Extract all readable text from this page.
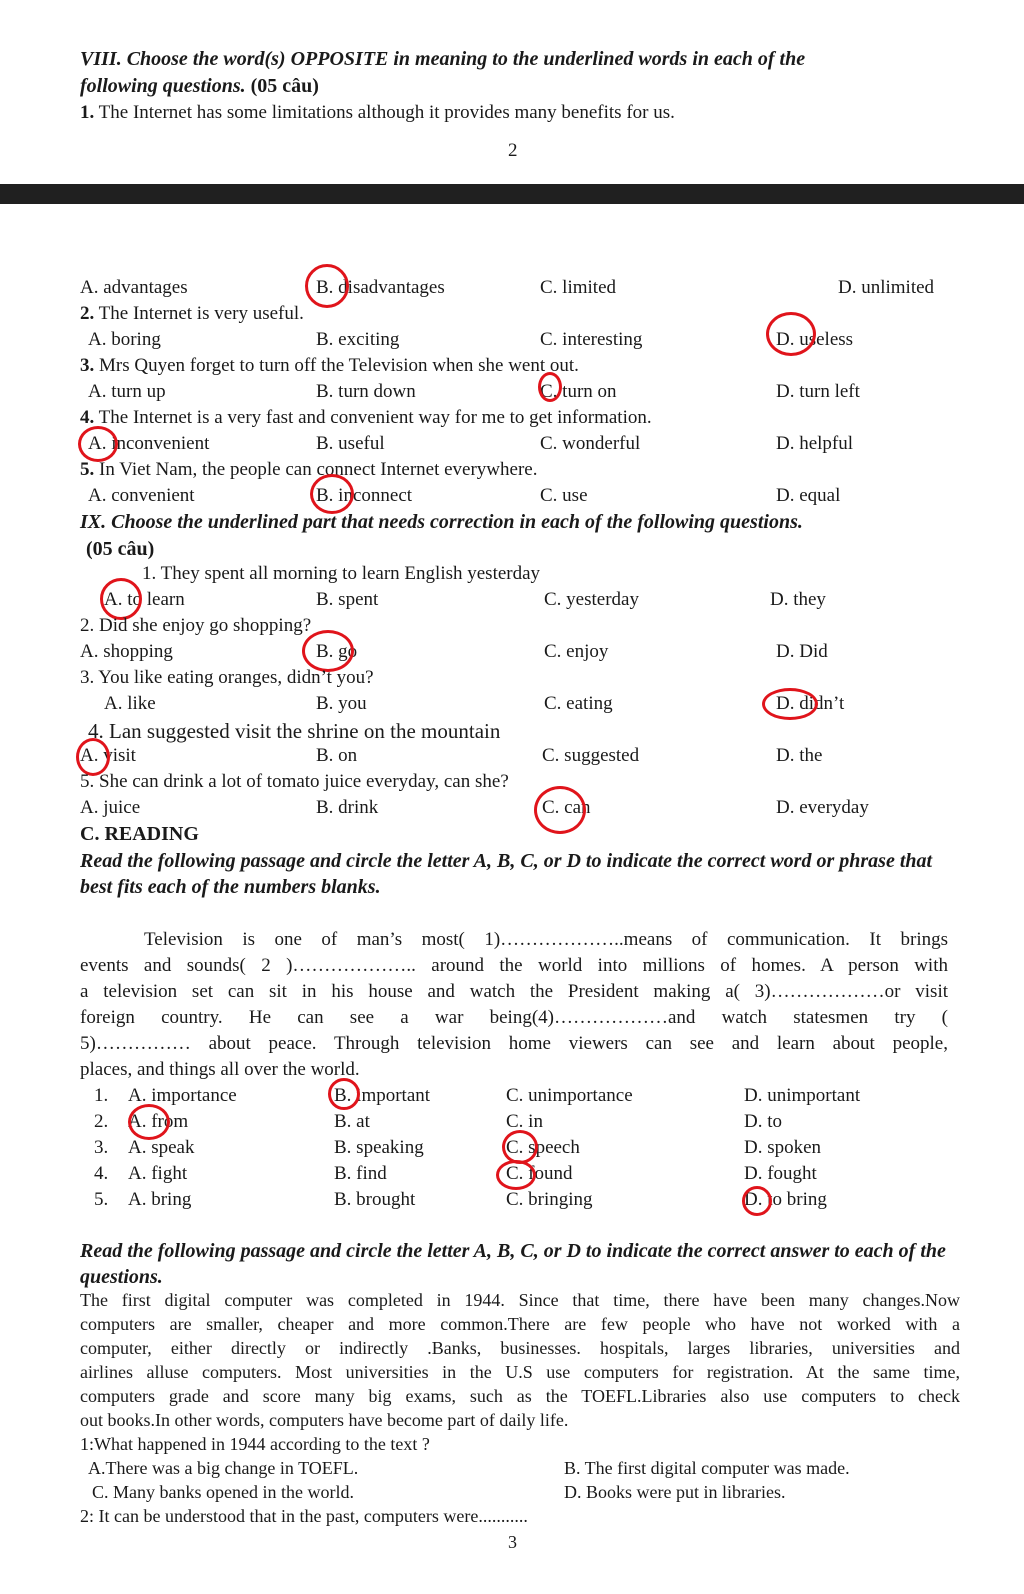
VIII. Choose the word(s) OPPOSITE in meaning to the underlined words in each of the
following questions. (05 câu)
1. The Internet has some limitations although it provides many benefits for us.
2
A. advantages	B. disadvantages	C. limited	D. unlimited
2. The Internet is very useful.
A. boring	B. exciting	C. interesting	D. useless
3. Mrs Quyen forget to turn off the Television when she went out.
A. turn up	B. turn down	C. turn on	D. turn left
4. The Internet is a very fast and convenient way for me to get information.
A. inconvenient	B. useful	C. wonderful	D. helpful
5. In Viet Nam, the people can connect Internet everywhere.
A. convenient	B. inconnect	C. use	D. equal
IX. Choose the underlined part that needs correction in each of the following questions.
(05 câu)
1. They spent all morning to learn English yesterday
A. to learn	B. spent	C. yesterday	D. they
2. Did she enjoy go shopping?
A. shopping	B. go	C. enjoy	D. Did
3. You like eating oranges, didn’t you?
A. like	B. you	C. eating	D. didn’t
4. Lan suggested visit the shrine on the mountain
A. visit	B. on	C. suggested	D. the
5. She can drink a lot of tomato juice everyday, can she?
A. juice	B. drink	C. can	D. everyday
C. READING
Read the following passage and circle the letter A, B, C, or D to indicate the correct word or phrase that best fits each of the numbers blanks.
Television is one of man’s most( 1)………………..means of communication. It brings
events and sounds( 2 )……………….. around the world into millions of homes. A person with
a television set can sit in his house and watch the President making a( 3)………………or visit
foreign country. He can see a war being(4)………………and watch statesmen try (
5)…………… about peace. Through television home viewers can see and learn about people,
places, and things all over the world.
1. A. importance	B. important	C. unimportance	D. unimportant
2. A. from	B. at	C. in	D. to
3. A. speak	B. speaking	C. speech	D. spoken
4. A. fight	B. find	C. found	D. fought
5. A. bring	B. brought	C. bringing	D. to bring
Read the following passage and circle the letter A, B, C, or D to indicate the correct answer to each of the questions.
The first digital computer was completed in 1944. Since that time, there have been many changes.Now
computers are smaller, cheaper and more common.There are few people who have not worked with a
computer, either directly or indirectly .Banks, businesses. hospitals, larges libraries, universities and
airlines alluse computers. Most universities in the U.S use computers for registration. At the same time,
computers grade and score many big exams, such as the TOEFL.Libraries also use computers to check
out books.In other words, computers have become part of daily life.
1:What happened in 1944 according to the text ?
A.There was a big change in TOEFL.	B. The first digital computer was made.
C. Many banks opened in the world.	D. Books were put in libraries.
2: It can be understood that in the past, computers were...........
3
